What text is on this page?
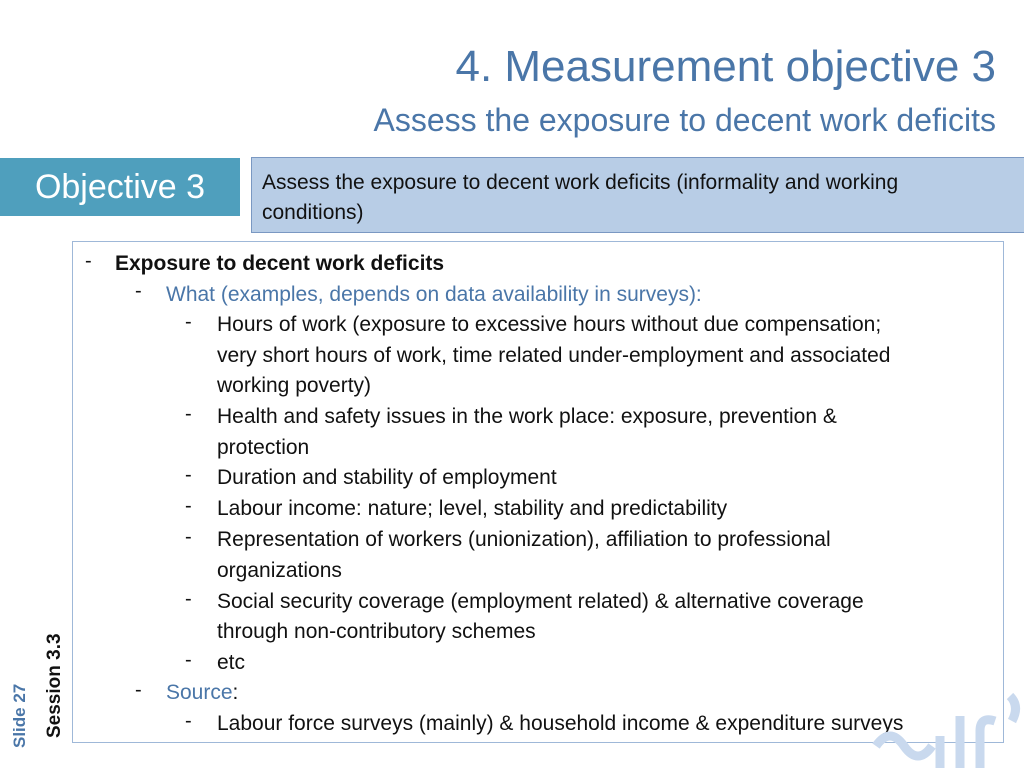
4. Measurement objective 3
Assess the exposure to decent work deficits
Objective 3	Assess the exposure to decent work deficits (informality and working
conditions)
- Exposure to decent work deficits
- What (examples, depends on data availability in surveys):
- Hours of work (exposure to excessive hours without due compensation;
very short hours of work, time related under-employment and associated
working poverty)
- Health and safety issues in the work place: exposure, prevention &
protection
- Duration and stability of employment
- Labour income: nature; level, stability and predictability
- Representation of workers (unionization), affiliation to professional
organizations
- Social security coverage (employment related) & alternative coverage
through non-contributory schemes
- etc
- Source:
- Labour force surveys (mainly) & household income & expenditure surveys
Slide 27 Session 3.3
